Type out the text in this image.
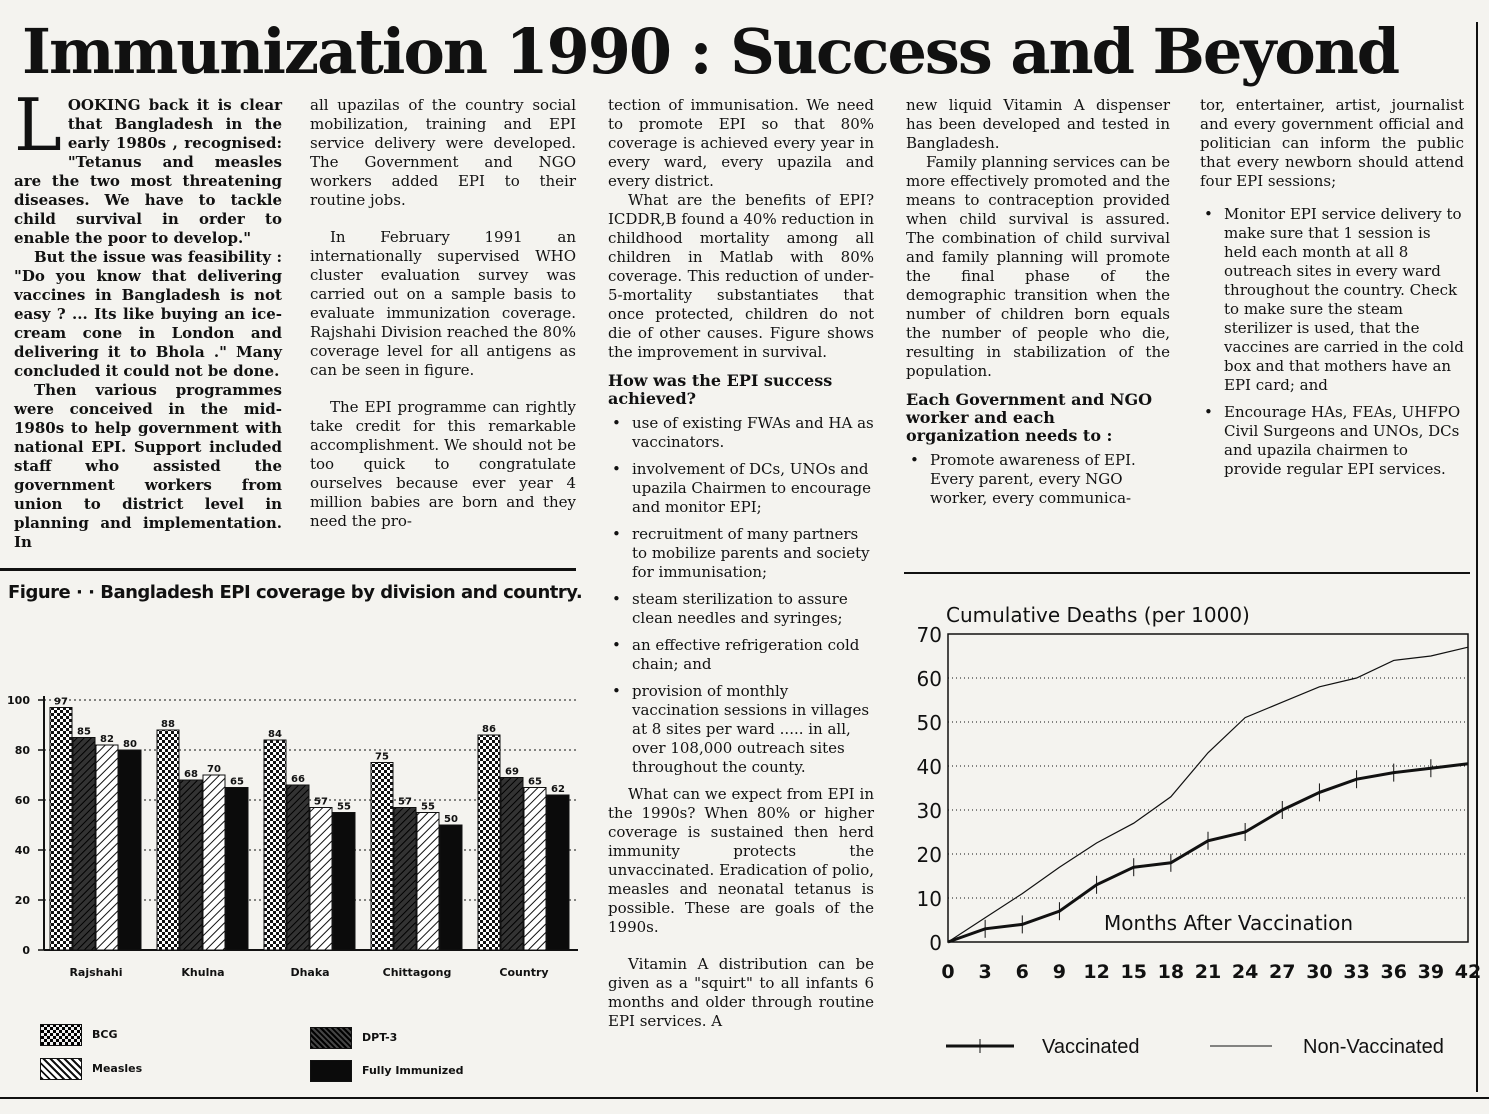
Immunization 1990 : Success and Beyond

LOOKING back it is clear that Bangladesh in the early 1980s , recognised: "Tetanus and measles are the two most threatening diseases. We have to tackle child survival in order to enable the poor to develop."

But the issue was feasibility : "Do you know that delivering vaccines in Bangladesh is not easy ? ... Its like buying an ice-cream cone in London and delivering it to Bhola ." Many concluded it could not be done.

Then various programmes were conceived in the mid-1980s to help government with national EPI. Support included staff who assisted the government workers from union to district level in planning and implementation. In

all upazilas of the country social mobilization, training and EPI service delivery were developed. The Government and NGO workers added EPI to their routine jobs.

In February 1991 an internationally supervised WHO cluster evaluation survey was carried out on a sample basis to evaluate immunization coverage. Rajshahi Division reached the 80% coverage level for all antigens as can be seen in figure.

The EPI programme can rightly take credit for this remarkable accomplishment. We should not be too quick to congratulate ourselves because ever year 4 million babies are born and they need the pro-

Figure · · Bangladesh EPI coverage by division and country.

tection of immunisation. We need to promote EPI so that 80% coverage is achieved every year in every ward, every upazila and every district.

What are the benefits of EPI? ICDDR,B found a 40% reduction in childhood mortality among all children in Matlab with 80% coverage. This reduction of under-5-mortality substantiates that once protected, children do not die of other causes. Figure shows the improvement in survival.

How was the EPI success achieved?
• use of existing FWAs and HA as vaccinators.
• involvement of DCs, UNOs and upazila Chairmen to encourage and monitor EPI;
• recruitment of many partners to mobilize parents and society for immunisation;
• steam sterilization to assure clean needles and syringes;
• an effective refrigeration cold chain; and
• provision of monthly vaccination sessions in villages at 8 sites per ward ..... in all, over 108,000 outreach sites throughout the county.

What can we expect from EPI in the 1990s? When 80% or higher coverage is sustained then herd immunity protects the unvaccinated. Eradication of polio, measles and neonatal tetanus is possible. These are goals of the 1990s.

Vitamin A distribution can be given as a "squirt" to all infants 6 months and older through routine EPI services. A

new liquid Vitamin A dispenser has been developed and tested in Bangladesh.

Family planning services can be more effectively promoted and the means to contraception provided when child survival is assured. The combination of child survival and family planning will promote the final phase of the demographic transition when the number of children born equals the number of people who die, resulting in stabilization of the population.

Each Government and NGO worker and each organization needs to :
• Promote awareness of EPI. Every parent, every NGO worker, every communica-

tor, entertainer, artist, journalist and every government official and politician can inform the public that every newborn should attend four EPI sessions;

• Monitor EPI service delivery to make sure that 1 session is held each month at all 8 outreach sites in every ward throughout the country. Check to make sure the steam sterilizer is used, that the vaccines are carried in the cold box and that mothers have an EPI card; and
• Encourage HAs, FEAs, UHFPO Civil Surgeons and UNOs, DCs and upazila chairmen to provide regular EPI services.
0
20
40
60
80
100 97
85
82 80
Rajshahi
88
68 70
65
Khulna
84
66
57 55
Dhaka
75
57 55
50
Chittagong
86
69
65
62
Country
BCG
Measles
DPT-3
Fully Immunized
Cumulative Deaths (per 1000)
Months After Vaccination
0
10
20
30
40
50
60
70
0 3 6 9 12 15 18 21 24 27 30 33 36 39 42
Vaccinated	Non-Vaccinated
